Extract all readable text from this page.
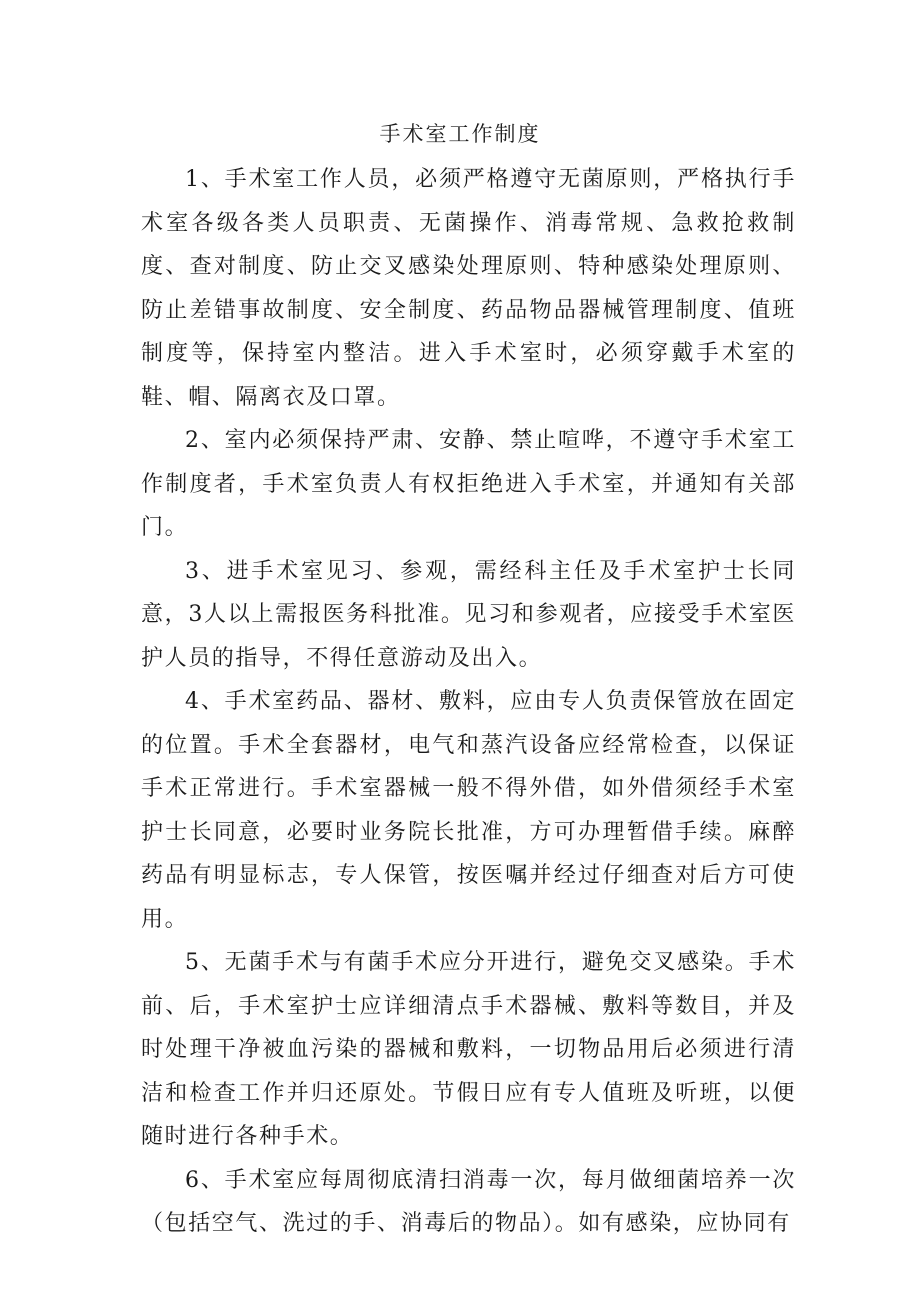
手术室工作制度

1、手术室工作人员，必须严格遵守无菌原则，严格执行手术室各级各类人员职责、无菌操作、消毒常规、急救抢救制度、查对制度、防止交叉感染处理原则、特种感染处理原则、防止差错事故制度、安全制度、药品物品器械管理制度、值班制度等，保持室内整洁。进入手术室时，必须穿戴手术室的鞋、帽、隔离衣及口罩。

2、室内必须保持严肃、安静、禁止喧哗，不遵守手术室工作制度者，手术室负责人有权拒绝进入手术室，并通知有关部门。

3、进手术室见习、参观，需经科主任及手术室护士长同意，3人以上需报医务科批准。见习和参观者，应接受手术室医护人员的指导，不得任意游动及出入。

4、手术室药品、器材、敷料，应由专人负责保管放在固定的位置。手术全套器材，电气和蒸汽设备应经常检查，以保证手术正常进行。手术室器械一般不得外借，如外借须经手术室护士长同意，必要时业务院长批准，方可办理暂借手续。麻醉药品有明显标志，专人保管，按医嘱并经过仔细查对后方可使用。

5、无菌手术与有菌手术应分开进行，避免交叉感染。手术前、后，手术室护士应详细清点手术器械、敷料等数目，并及时处理干净被血污染的器械和敷料，一切物品用后必须进行清洁和检查工作并归还原处。节假日应有专人值班及听班，以便随时进行各种手术。

6、手术室应每周彻底清扫消毒一次，每月做细菌培养一次（包括空气、洗过的手、消毒后的物品）。如有感染，应协同有
